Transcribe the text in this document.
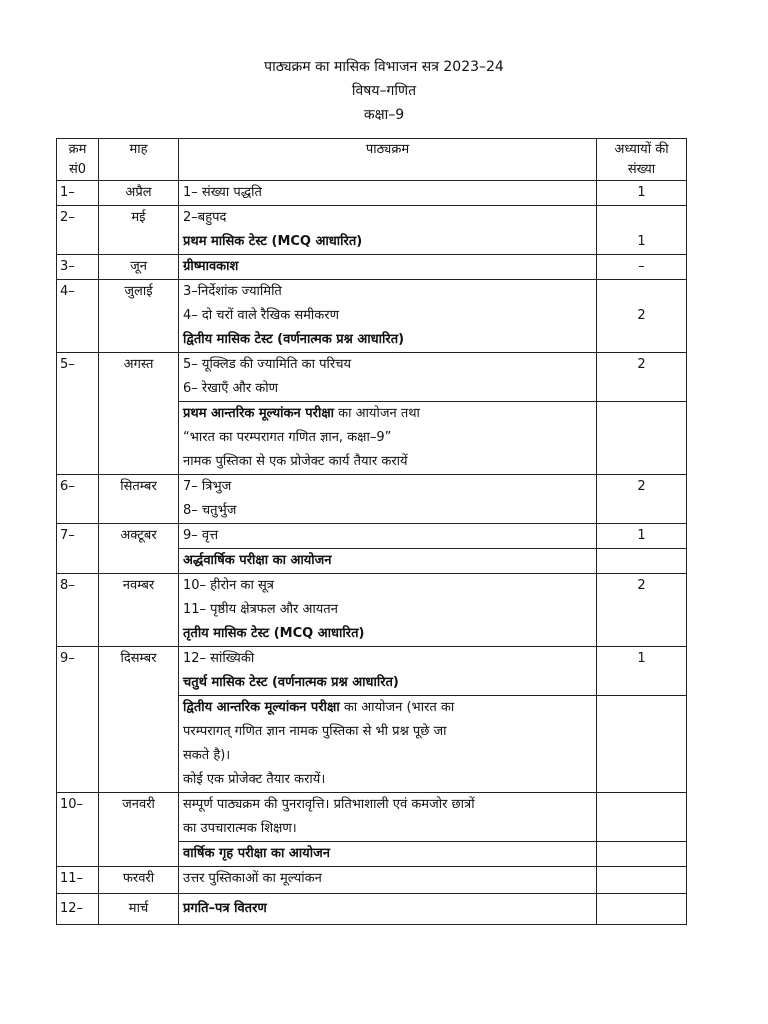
पाठ्यक्रम का मासिक विभाजन सत्र 2023–24
विषय–गणित
कक्षा–9
क्रम
सं0	माह	पाठ्यक्रम	अध्यायों की
संख्या

1–	अप्रैल	1– संख्या पद्धति	1
2–	मई	2–बहुपद
प्रथम मासिक टेस्ट (MCQ आधारित)	1

3–	जून	ग्रीष्मावकाश	–
4–	जुलाई	3–निर्देशांक ज्यामिति
4– दो चरों वाले रैखिक समीकरण
द्वितीय मासिक टेस्ट (वर्णनात्मक प्रश्न आधारित)	2

5–	अगस्त	5– यूक्लिड की ज्यामिति का परिचय
6– रेखाएँ और कोण	2

		प्रथम आन्तरिक मूल्यांकन परीक्षा का आयोजन तथा
“भारत का परम्परागत गणित ज्ञान, कक्षा–9”
नामक पुस्तिका से एक प्रोजेक्ट कार्य तैयार करायें	

6–	सितम्बर	7– त्रिभुज
8– चतुर्भुज	2
7–	अक्टूबर	9– वृत्त	1

		अर्द्धवार्षिक परीक्षा का आयोजन	

8–	नवम्बर	10– हीरोन का सूत्र
11– पृष्ठीय क्षेत्रफल और आयतन
तृतीय मासिक टेस्ट (MCQ आधारित)	2
9–	दिसम्बर	12– सांख्यिकी
चतुर्थ मासिक टेस्ट (वर्णनात्मक प्रश्न आधारित)	1

		द्वितीय आन्तरिक मूल्यांकन परीक्षा का आयोजन (भारत का
परम्परागत् गणित ज्ञान नामक पुस्तिका से भी प्रश्न पूछे जा
सकते है)।
कोई एक प्रोजेक्ट तैयार करायें।	

10–	जनवरी	सम्पूर्ण पाठ्यक्रम की पुनरावृत्ति। प्रतिभाशाली एवं कमजोर छात्रों
का उपचारात्मक शिक्षण।	

		वार्षिक गृह परीक्षा का आयोजन	

11–	फरवरी	उत्तर पुस्तिकाओं का मूल्यांकन	

12–	मार्च	प्रगति–पत्र वितरण	
